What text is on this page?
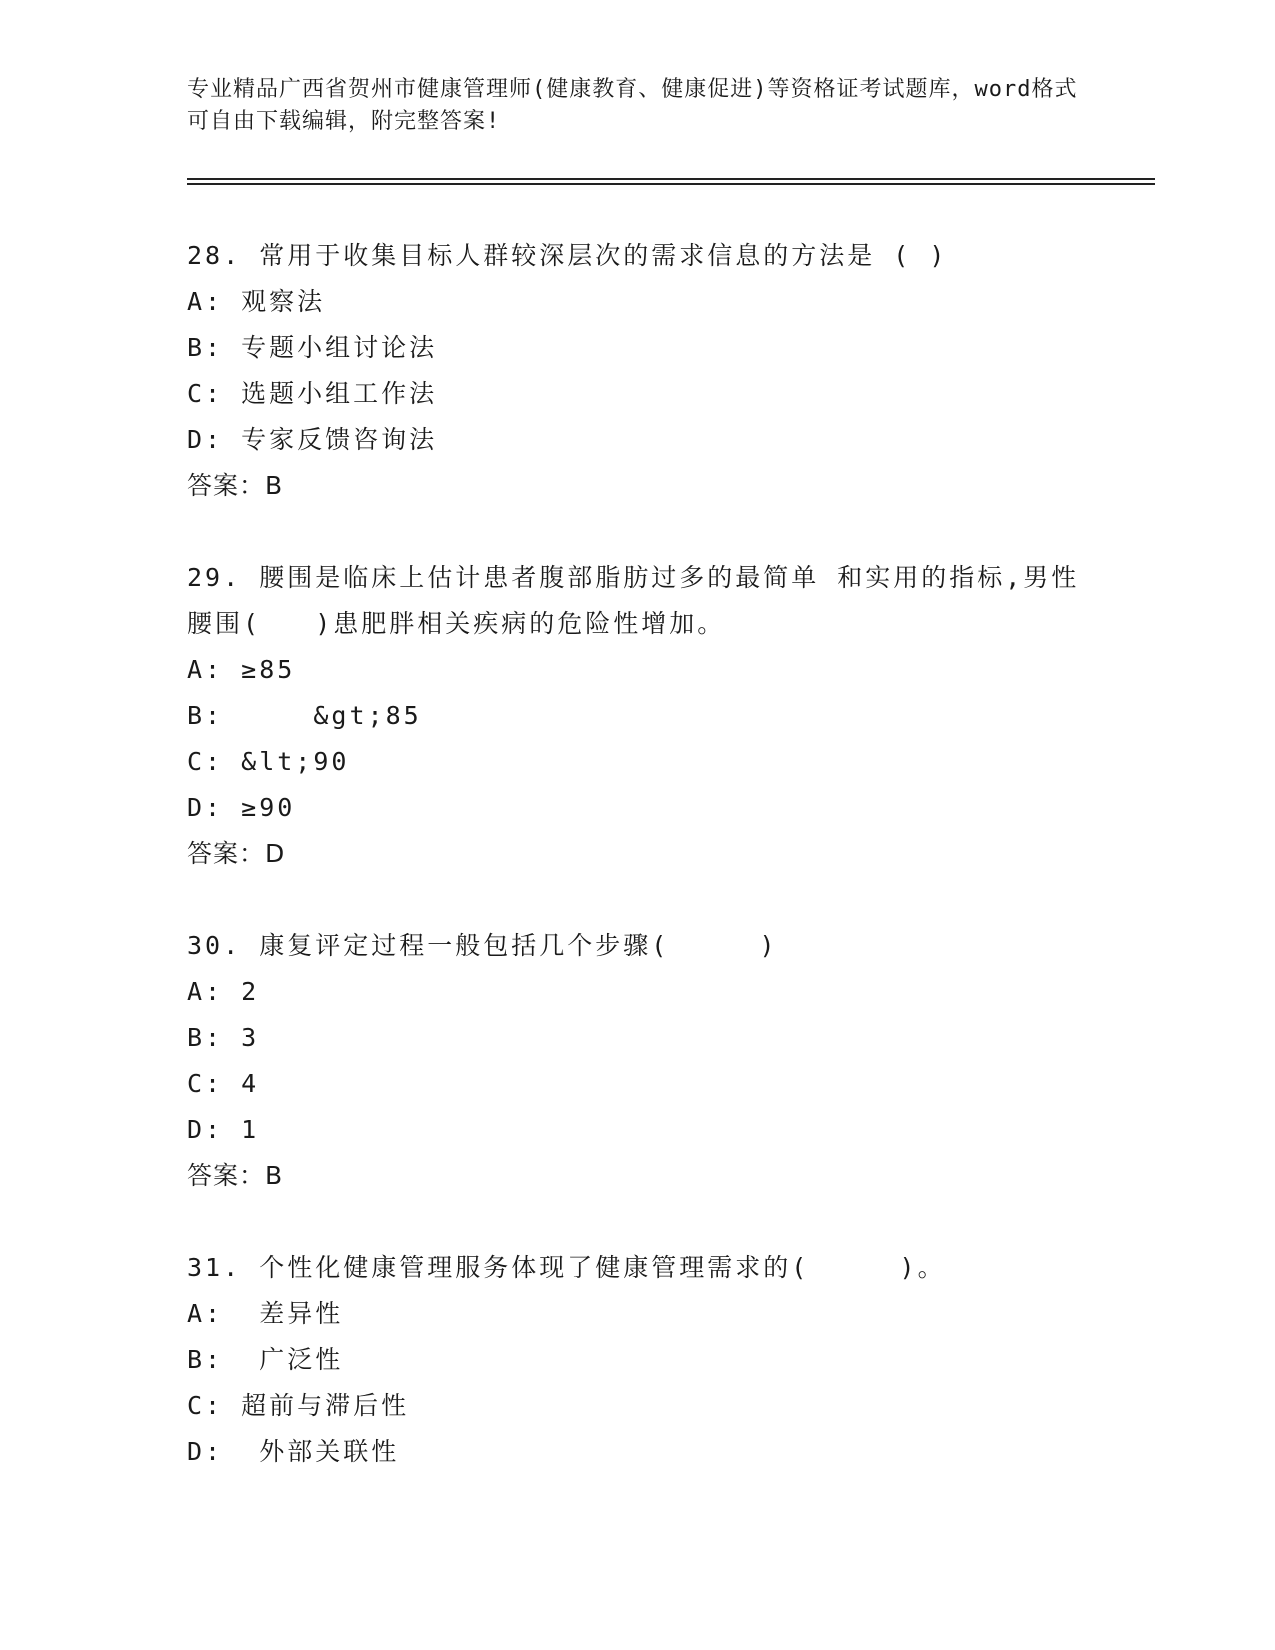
专业精品广西省贺州市健康管理师(健康教育、健康促进)等资格证考试题库，word格式可自由下载编辑，附完整答案!
28. 常用于收集目标人群较深层次的需求信息的方法是 ( )
A: 观察法
B: 专题小组讨论法
C: 选题小组工作法
D: 专家反馈咨询法
答案：B
29. 腰围是临床上估计患者腹部脂肪过多的最简单 和实用的指标,男性腰围(   )患肥胖相关疾病的危险性增加。
A: ≥85
B:     &gt;85
C: &lt;90
D: ≥90
答案：D
30. 康复评定过程一般包括几个步骤(     )
A: 2
B: 3
C: 4
D: 1
答案：B
31. 个性化健康管理服务体现了健康管理需求的(     )。
A:  差异性
B:  广泛性
C: 超前与滞后性
D:  外部关联性
